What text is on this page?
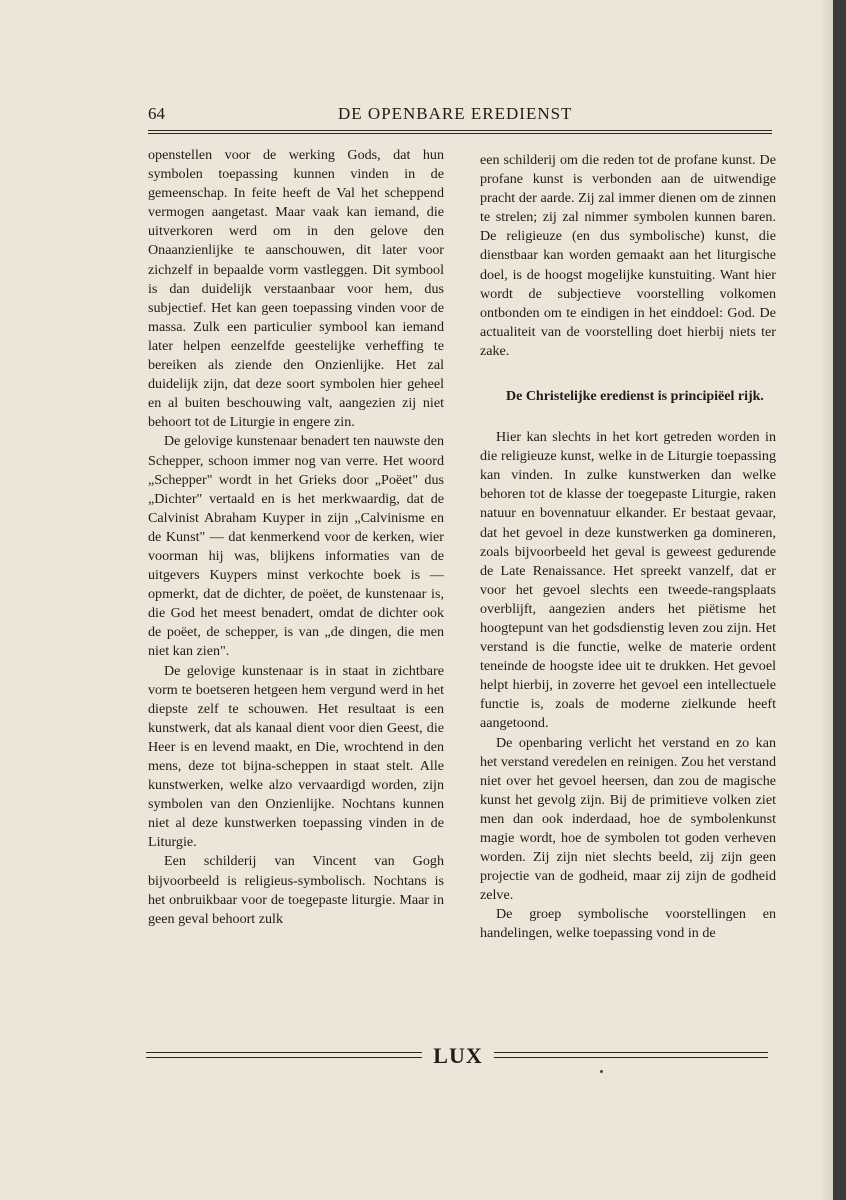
64	DE OPENBARE EREDIENST

openstellen voor de werking Gods, dat hun symbolen toepassing kunnen vinden in de gemeenschap. In feite heeft de Val het scheppend vermogen aangetast. Maar vaak kan iemand, die uitverkoren werd om in den gelove den Onaanzienlijke te aanschouwen, dit later voor zichzelf in bepaalde vorm vastleggen. Dit symbool is dan duidelijk verstaanbaar voor hem, dus subjectief. Het kan geen toepassing vinden voor de massa. Zulk een particulier symbool kan iemand later helpen eenzelfde geestelijke verheffing te bereiken als ziende den Onzienlijke. Het zal duidelijk zijn, dat deze soort symbolen hier geheel en al buiten beschouwing valt, aangezien zij niet behoort tot de Liturgie in engere zin.

De gelovige kunstenaar benadert ten nauwste den Schepper, schoon immer nog van verre. Het woord „Schepper" wordt in het Grieks door „Poëet" dus „Dichter" vertaald en is het merkwaardig, dat de Calvinist Abraham Kuyper in zijn „Calvinisme en de Kunst" — dat kenmerkend voor de kerken, wier voorman hij was, blijkens informaties van de uitgevers Kuypers minst verkochte boek is — opmerkt, dat de dichter, de poëet, de kunstenaar is, die God het meest benadert, omdat de dichter ook de poëet, de schepper, is van „de dingen, die men niet kan zien".

De gelovige kunstenaar is in staat in zichtbare vorm te boetseren hetgeen hem vergund werd in het diepste zelf te schouwen. Het resultaat is een kunstwerk, dat als kanaal dient voor dien Geest, die Heer is en levend maakt, en Die, wrochtend in den mens, deze tot bijna-scheppen in staat stelt. Alle kunstwerken, welke alzo vervaardigd worden, zijn symbolen van den Onzienlijke. Nochtans kunnen niet al deze kunstwerken toepassing vinden in de Liturgie.

Een schilderij van Vincent van Gogh bijvoorbeeld is religieus-symbolisch. Nochtans is het onbruikbaar voor de toegepaste liturgie. Maar in geen geval behoort zulk

een schilderij om die reden tot de profane kunst. De profane kunst is verbonden aan de uitwendige pracht der aarde. Zij zal immer dienen om de zinnen te strelen; zij zal nimmer symbolen kunnen baren. De religieuze (en dus symbolische) kunst, die dienstbaar kan worden gemaakt aan het liturgische doel, is de hoogst mogelijke kunstuiting. Want hier wordt de subjectieve voorstelling volkomen ontbonden om te eindigen in het einddoel: God. De actualiteit van de voorstelling doet hierbij niets ter zake.

De Christelijke eredienst is principiëel rijk.

Hier kan slechts in het kort getreden worden in die religieuze kunst, welke in de Liturgie toepassing kan vinden. In zulke kunstwerken dan welke behoren tot de klasse der toegepaste Liturgie, raken natuur en bovennatuur elkander. Er bestaat gevaar, dat het gevoel in deze kunstwerken ga domineren, zoals bijvoorbeeld het geval is geweest gedurende de Late Renaissance. Het spreekt vanzelf, dat er voor het gevoel slechts een tweede-rangsplaats overblijft, aangezien anders het piëtisme het hoogtepunt van het godsdienstig leven zou zijn. Het verstand is die functie, welke de materie ordent teneinde de hoogste idee uit te drukken. Het gevoel helpt hierbij, in zoverre het gevoel een intellectuele functie is, zoals de moderne zielkunde heeft aangetoond.

De openbaring verlicht het verstand en zo kan het verstand veredelen en reinigen. Zou het verstand niet over het gevoel heersen, dan zou de magische kunst het gevolg zijn. Bij de primitieve volken ziet men dan ook inderdaad, hoe de symbolenkunst magie wordt, hoe de symbolen tot goden verheven worden. Zij zijn niet slechts beeld, zij zijn geen projectie van de godheid, maar zij zijn de godheid zelve.

De groep symbolische voorstellingen en handelingen, welke toepassing vond in de

LUX
